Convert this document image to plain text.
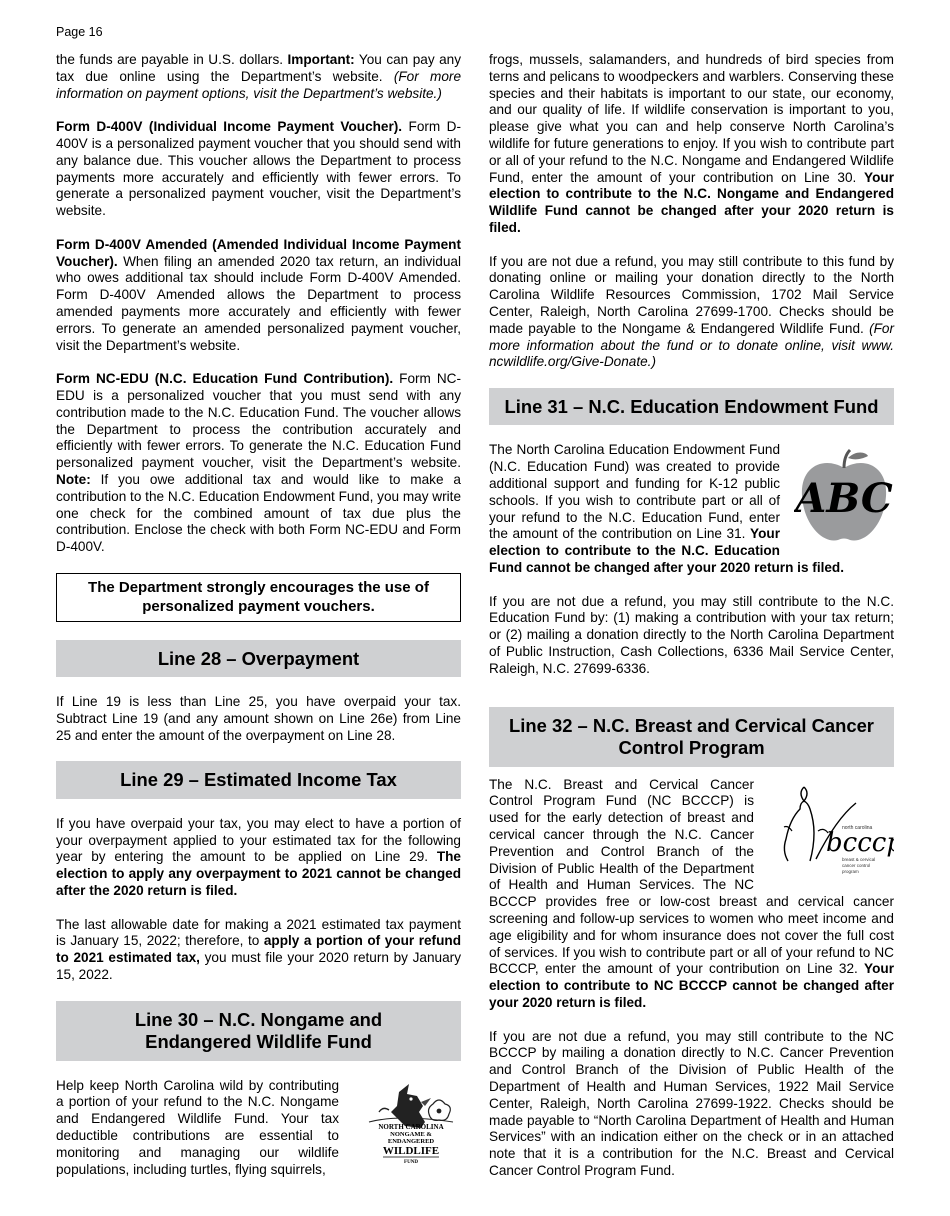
Page 16

the funds are payable in U.S. dollars. Important: You can pay any tax due online using the Department’s website. (For more information on payment options, visit the Department’s website.)

Form D-400V (Individual Income Payment Voucher). Form D-400V is a personalized payment voucher that you should send with any balance due. This voucher allows the Department to process payments more accurately and efficiently with fewer errors. To generate a personalized payment voucher, visit the Department’s website.

Form D-400V Amended (Amended Individual Income Payment Voucher). When filing an amended 2020 tax return, an individual who owes additional tax should include Form D-400V Amended. Form D-400V Amended allows the Department to process amended payments more accurately and efficiently with fewer errors. To generate an amended personalized payment voucher, visit the Department’s website.

Form NC-EDU (N.C. Education Fund Contribution). Form NC-EDU is a personalized voucher that you must send with any contribution made to the N.C. Education Fund. The voucher allows the Department to process the contribution accurately and efficiently with fewer errors. To generate the N.C. Education Fund personalized payment voucher, visit the Department’s website. Note: If you owe additional tax and would like to make a contribution to the N.C. Education Endowment Fund, you may write one check for the combined amount of tax due plus the contribution. Enclose the check with both Form NC-EDU and Form D-400V.

The Department strongly encourages the use of personalized payment vouchers.
Line 28 – Overpayment

If Line 19 is less than Line 25, you have overpaid your tax. Subtract Line 19 (and any amount shown on Line 26e) from Line 25 and enter the amount of the overpayment on Line 28.

Line 29 – Estimated Income Tax

If you have overpaid your tax, you may elect to have a portion of your overpayment applied to your estimated tax for the following year by entering the amount to be applied on Line 29. The election to apply any overpayment to 2021 cannot be changed after the 2020 return is filed.

The last allowable date for making a 2021 estimated tax payment is January 15, 2022; therefore, to apply a portion of your refund to 2021 estimated tax, you must file your 2020 return by January 15, 2022.

Line 30 – N.C. Nongame and
Endangered Wildlife Fund
NORTH CAROLINA
NONGAME &
ENDANGERED
WILDLIFE
FUND

Help keep North Carolina wild by contributing a portion of your refund to the N.C. Nongame and Endangered Wildlife Fund. Your tax deductible contributions are essential to monitoring and managing our wildlife populations, including turtles, flying squirrels,

frogs, mussels, salamanders, and hundreds of bird species from terns and pelicans to woodpeckers and warblers. Conserving these species and their habitats is important to our state, our economy, and our quality of life. If wildlife conservation is important to you, please give what you can and help conserve North Carolina’s wildlife for future generations to enjoy. If you wish to contribute part or all of your refund to the N.C. Nongame and Endangered Wildlife Fund, enter the amount of your contribution on Line 30. Your election to contribute to the N.C. Nongame and Endangered Wildlife Fund cannot be changed after your 2020 return is filed.

If you are not due a refund, you may still contribute to this fund by donating online or mailing your donation directly to the North Carolina Wildlife Resources Commission, 1702 Mail Service Center, Raleigh, North Carolina 27699-1700. Checks should be made payable to the Nongame & Endangered Wildlife Fund. (For more information about the fund or to donate online, visit www. ncwildlife.org/Give-Donate.)

Line 31 – N.C. Education Endowment Fund
ABC

The North Carolina Education Endowment Fund (N.C. Education Fund) was created to provide additional support and funding for K-12 public schools. If you wish to contribute part or all of your refund to the N.C. Education Fund, enter the amount of the contribution on Line 31. Your election to contribute to the N.C. Education Fund cannot be changed after your 2020 return is filed.

If you are not due a refund, you may still contribute to the N.C. Education Fund by: (1) making a contribution with your tax return; or (2) mailing a donation directly to the North Carolina Department of Public Instruction, Cash Collections, 6336 Mail Service Center, Raleigh, N.C. 27699-6336.

Line 32 – N.C. Breast and Cervical Cancer
Control Program
north carolina
bccc
breast & cervical
cancer control
program

The N.C. Breast and Cervical Cancer Control Program Fund (NC BCCCP) is used for the early detection of breast and cervical cancer through the N.C. Cancer Prevention and Control Branch of the Division of Public Health of the Department of Health and Human Services. The NC BCCCP provides free or low-cost breast and cervical cancer screening and follow-up services to women who meet income and age eligibility and for whom insurance does not cover the full cost of services. If you wish to contribute part or all of your refund to NC BCCCP, enter the amount of your contribution on Line 32. Your election to contribute to NC BCCCP cannot be changed after your 2020 return is filed.

If you are not due a refund, you may still contribute to the NC BCCCP by mailing a donation directly to N.C. Cancer Prevention and Control Branch of the Division of Public Health of the Department of Health and Human Services, 1922 Mail Service Center, Raleigh, North Carolina 27699-1922. Checks should be made payable to “North Carolina Department of Health and Human Services” with an indication either on the check or in an attached note that it is a contribution for the N.C. Breast and Cervical Cancer Control Program Fund.
